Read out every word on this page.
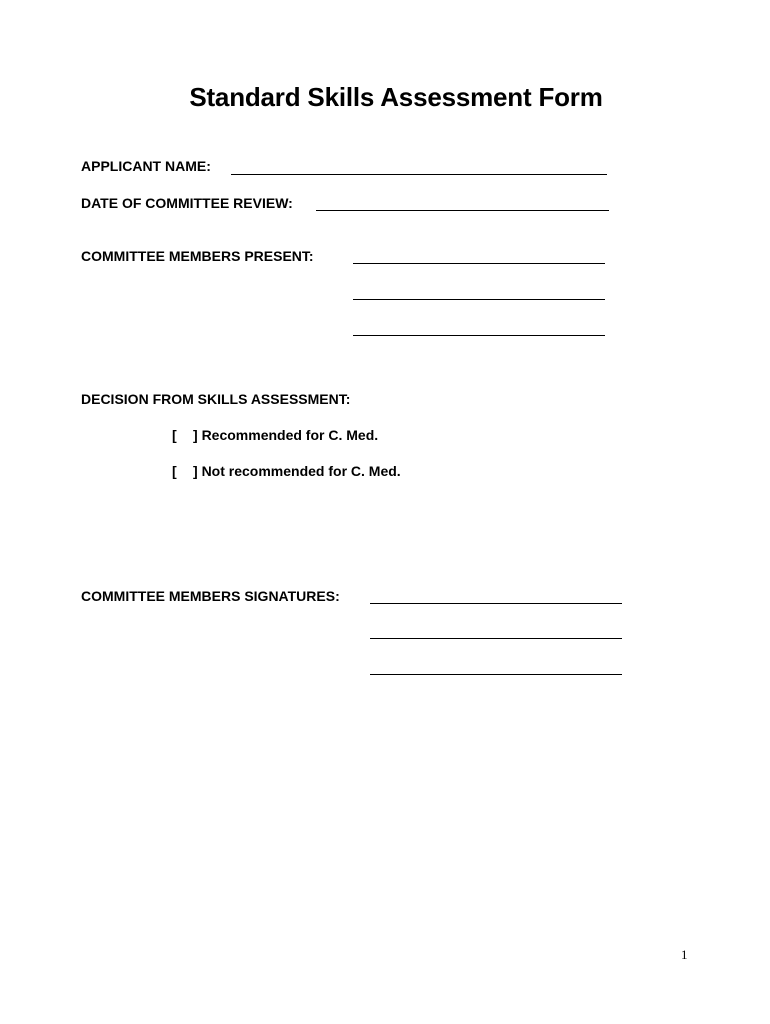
Standard Skills Assessment Form
APPLICANT NAME:
DATE OF COMMITTEE REVIEW:
COMMITTEE MEMBERS PRESENT:
DECISION FROM SKILLS ASSESSMENT:
[ ] Recommended for C. Med.
[ ] Not recommended for C. Med.
COMMITTEE MEMBERS SIGNATURES:
1
